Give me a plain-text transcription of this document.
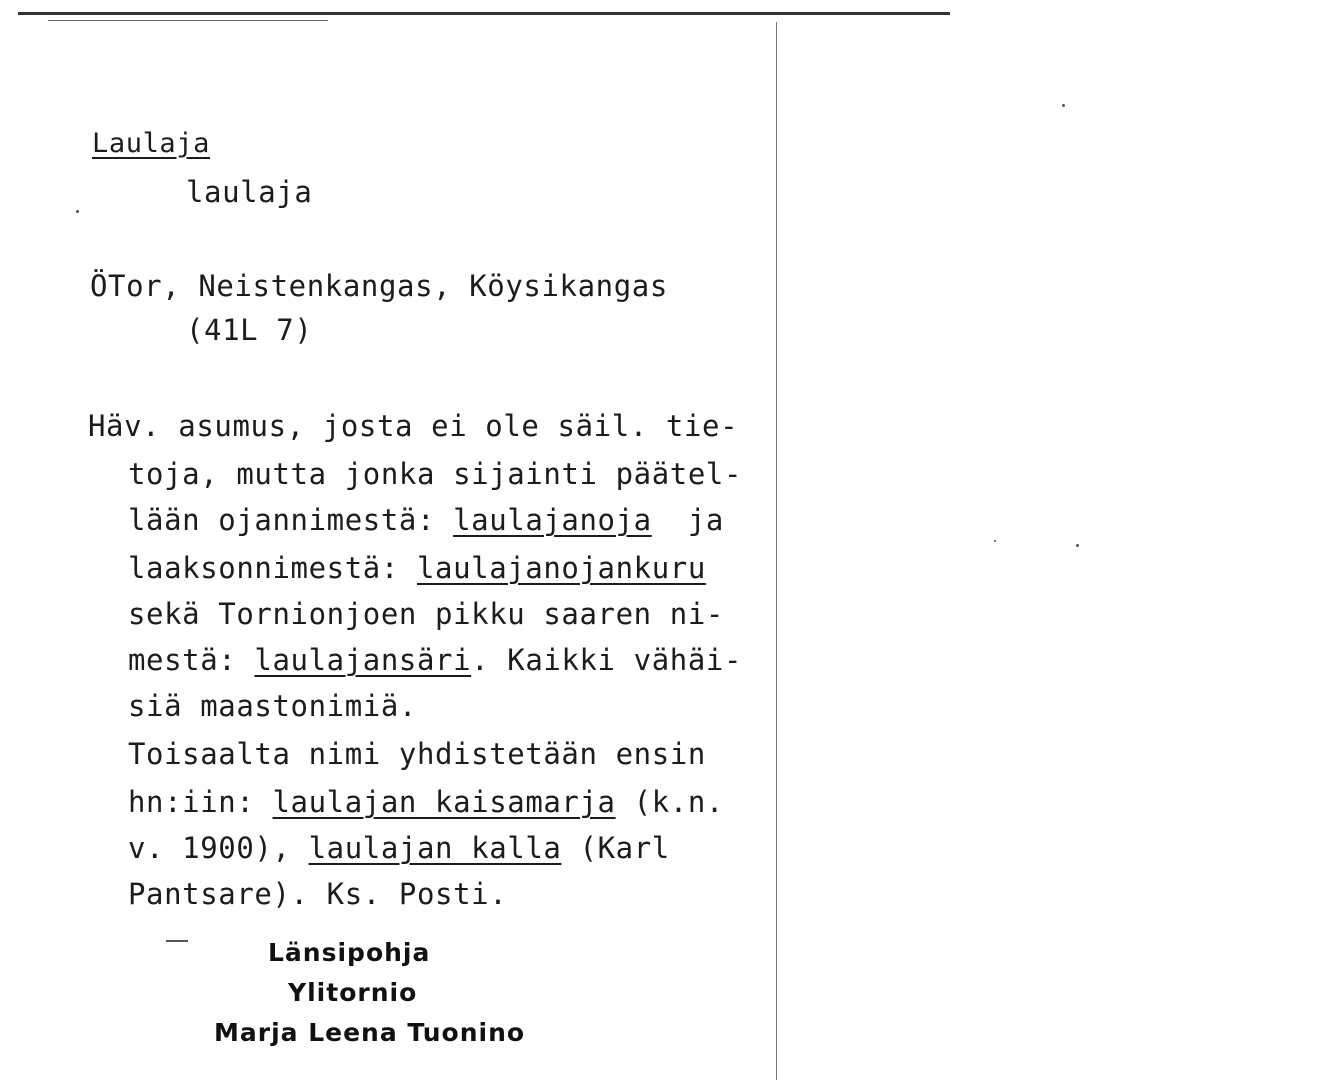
Laulaja
laulaja
ÖTor, Neistenkangas, Köysikangas
(41L 7)
Häv. asumus, josta ei ole säil. tie-
toja, mutta jonka sijainti päätel-
lään ojannimestä: laulajanoja  ja
laaksonnimestä: laulajanojankuru
sekä Tornionjoen pikku saaren ni-
mestä: laulajansäri. Kaikki vähäi-
siä maastonimiä.
Toisaalta nimi yhdistetään ensin
hn:iin: laulajan kaisamarja (k.n.
v. 1900), laulajan kalla (Karl
Pantsare). Ks. Posti.
Länsipohja
Ylitornio
Marja Leena Tuonino
